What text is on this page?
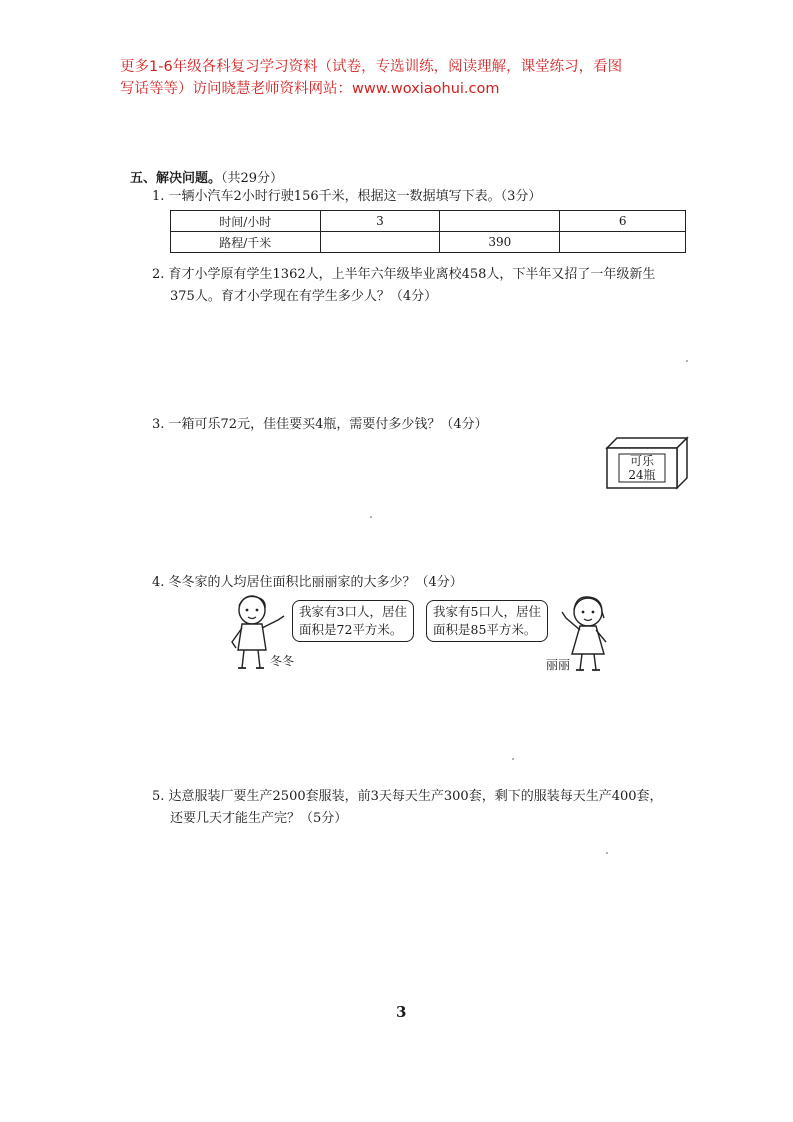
更多1-6年级各科复习学习资料（试卷，专选训练，阅读理解，课堂练习，看图
写话等等）访问晓慧老师资料网站：www.woxiaohui.com
五、解决问题。（共29分）
1. 一辆小汽车2小时行驶156千米，根据这一数据填写下表。（3分）
时间/小时	3		6
路程/千米		390	
2. 育才小学原有学生1362人，上半年六年级毕业离校458人，下半年又招了一年级新生
375人。育才小学现在有学生多少人？（4分）
3. 一箱可乐72元，佳佳要买4瓶，需要付多少钱？（4分）
可乐
24瓶
4. 冬冬家的人均居住面积比丽丽家的大多少？（4分）
冬冬
我家有3口人，居住
面积是72平方米。
我家有5口人，居住
面积是85平方米。
丽丽
5. 达意服装厂要生产2500套服装，前3天每天生产300套，剩下的服装每天生产400套，
还要几天才能生产完？（5分）
3
